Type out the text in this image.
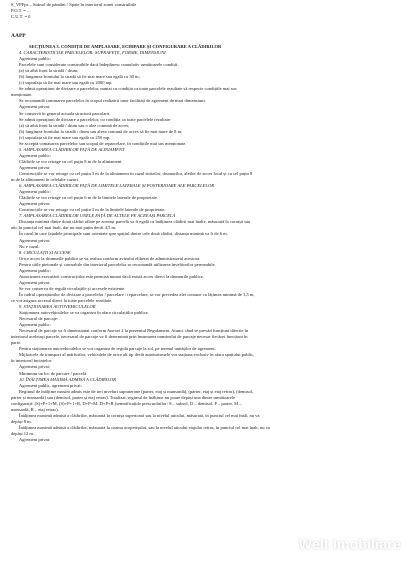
S_VPFps – Subsol de pământ / Spate în interiorul zonei construibile
P.O.T. = ...
C.U.T. = 0
AAPP
SECȚIUNEA 3. CONDIȚII DE AMPLASARE, ECHIPARE ȘI CONFIGURARE A CLĂDIRILOR
4. CARACTERISTICILE PARCELELOR: SUPRAFEȚE, FORME, DIMENSIUNI
Agrement public:
Parcelele sunt considerate construibile dacă îndeplinesc cumulativ următoarele condiții:
(a) să aibă front la stradă / drum;
(b) lungimea frontului la stradă să fie mai mare sau egală cu 30 m;
(c) suprafața să fie mai mare sau egală cu 2000 mp.
Se admit operațiuni de divizare a parcelelor, numai cu condiția ca toate parcelele rezultate să respecte condițiile mai sus
menționate.
Se recomandă comasarea parcelelor în scopul realizării unor facilități de agrement de mari dimensiuni.
Agrement privat:
Se conservă în general actuala structură parcelară.
Se admit operațiuni de divizare a parcelelor, cu condiția ca toate parcelele rezultate:
(a) să aibă front la stradă / drum sau o alee comună de acces;
(b) lungimea frontului la stradă / drum sau aleea comună de acces să fie mai mare de 8 m;
(c) suprafața să fie mai mare sau egală cu 250 mp.
Se acceptă comasarea parcelelor sau scopul de reparcelare, în condițiile mai sus menționate.
5. AMPLASAREA CLĂDIRILOR FAȚĂ DE ALINIAMENT
Agrement public:
Clădirile se vor retrage cu cel puțin 8 m de la aliniament.
Agrement privat:
Construcțiile se vor retrage cu cel puțin 3 m de la aliniament în cazul străzilor, drumurilor, aleilor de acces local și cu cel puțin 8
m de la aliniament în celelalte cazuri.
6. AMPLASAREA CLĂDIRILOR FAȚĂ DE LIMITELE LATERALE ȘI POSTERIOARE ALE PARCELELOR
Agrement public:
Clădirile se vor retrage cu cel puțin 6 m de la limitele laterale de proprietate.
Agrement privat:
Construcțiile se vor retrage cu cel puțin 3 m de la limitele laterale de proprietate.
7. AMPLASAREA CLĂDIRILOR UNELE FAȚĂ DE ALTELE PE ACEEAȘI PARCELĂ
Distanța minimă dintre două clădiri aflate pe aceeași parcelă va fi egală cu înălțimea clădirii mai înalte, măsurată la cornișă sau
atic în punctul cel mai înalt, dar nu mai puțin decât 4,5 m.
În cazul în care fațadele principale sunt orientate spre spațiul dintre cele două clădiri, distanța minimă va fi de 6 m.
Agrement privat:
Nu e cazul.
8. CIRCULAȚII ȘI ACCESE
Orice acces la drumurile publice se va realiza conform avizului eliberat de administratorul acestora.
Pentru căile pietonale și carosabile din interiorul parcelelor se recomandă utilizarea învelitorilor permeabile.
Agrement public:
Autorizarea executării construcțiilor este permisă numai dacă există acces direct la drumurile publice.
Agrement privat:
Se vor conserva de regulă circulațiile și accesele existente.
În cadrul operațiunilor de divizare a parcelelor / parcelare / reparcelare, se vor prevedea alei comune cu lățimea minimă de 3,5 m,
ce vor asigura accesul direct la toate parcelele rezultate.
9. STAȚIONAREA AUTOVEHICULELOR
Staționarea autovehiculelor se va organiza în afara circulațiilor publice.
Necesarul de parcaje:
Agrement public:
Necesarul de parcaje va fi dimensionat conform Anexei 2 la prezentul Regulament. Atunci când se prevăd funcțiuni diferite în
interiorul aceleiași parcele, necesarul de parcaje va fi determinat prin însumarea numărului de parcaje necesar fiecărei funcțiuni în
parte.
Pentru staționarea autovehiculelor se vor organiza de regulă parcaje la sol, pe terenul unităților de agrement.
Mijloacele de transport al mărfurilor, vehiculele de orice alt tip decât autoturismele vor staționa exclusiv în afara spațiului public,
în interiorul incintelor.
Agrement privat:
Minimum un loc de parcare / parcelă.
10. ÎNĂLȚIMEA MAXIMĂ ADMISĂ A CLĂDIRILOR
Agrement public, agrement privat:
Regimul de înălțime maxim admis este de trei niveluri supraterane (parter, etaj și mansardă), (parter, etaj și etaj retras), (demisol,
parter și mansardă) sau (demisol, parter și etaj retras). Totalizat, regimul de înălțime nu poate depăși una dintre următoarele
configurații: (S)+P+1+M, (S)+P+1+R, D+P+M, D+P+R (semnificațiile prescurtărilor: S – subsol, D – demisol, P – parter, M –
mansardă, R – etaj retras).
Înălțimea maximă admisă a clădirilor, măsurată la cornișa superioară sau la nivelul aticului, măsurată, în punctul cel mai înalt, nu va
depăși 8 m.
Înălțimea maximă admisă a clădirilor, măsurată la coama acoperișului, sau la nivelul aticului etajului retras, în punctul cel mai înalt, nu va
depăși 12 m.
Agrement privat:
Welt Imobiliare
